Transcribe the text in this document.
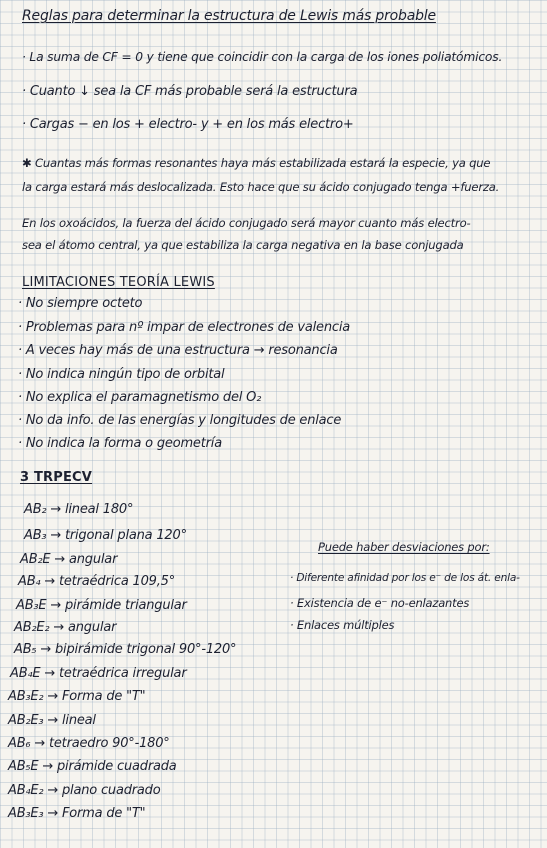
Reglas para determinar la estructura de Lewis más probable
· La suma de CF = 0 y tiene que coincidir con la carga de los iones poliatómicos.
· Cuanto ↓ sea la CF más probable será la estructura
· Cargas − en los + electro- y + en los más electro+
✱ Cuantas más formas resonantes haya más estabilizada estará la especie, ya que
la carga estará más deslocalizada. Esto hace que su ácido conjugado tenga +fuerza.
En los oxoácidos, la fuerza del ácido conjugado será mayor cuanto más electro-
sea el átomo central, ya que estabiliza la carga negativa en la base conjugada
LIMITACIONES TEORÍA LEWIS
· No siempre octeto
· Problemas para nº impar de electrones de valencia
· A veces hay más de una estructura → resonancia
· No indica ningún tipo de orbital
· No explica el paramagnetismo del O₂
· No da info. de las energías y longitudes de enlace
· No indica la forma o geometría
3 TRPECV
AB₂ → lineal 180°
AB₃ → trigonal plana 120°
AB₂E → angular
AB₄ → tetraédrica 109,5°
AB₃E → pirámide triangular
AB₂E₂ → angular
AB₅ → bipirámide trigonal 90°-120°
AB₄E → tetraédrica irregular
AB₃E₂ → Forma de "T"
AB₂E₃ → lineal
AB₆ → tetraedro 90°-180°
AB₅E → pirámide cuadrada
AB₄E₂ → plano cuadrado
AB₃E₃ → Forma de "T"
Puede haber desviaciones por:
· Diferente afinidad por los e⁻ de los át. enla-
· Existencia de e⁻ no-enlazantes
· Enlaces múltiples
